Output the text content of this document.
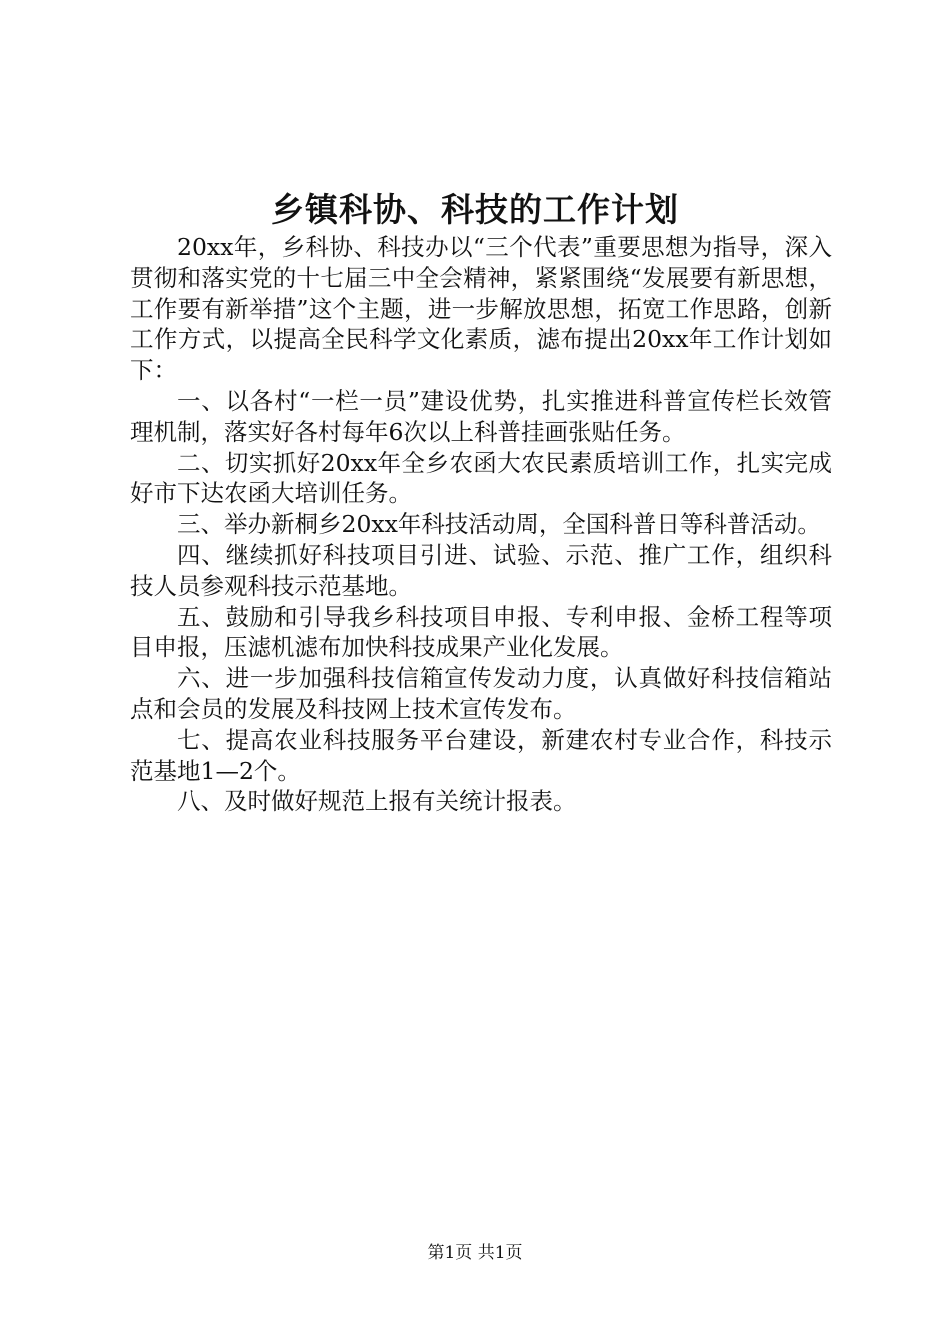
乡镇科协、科技的工作计划

20xx年，乡科协、科技办以“三个代表”重要思想为指导，深入贯彻和落实党的十七届三中全会精神，紧紧围绕“发展要有新思想，工作要有新举措”这个主题，进一步解放思想，拓宽工作思路，创新工作方式，以提高全民科学文化素质，滤布提出20xx年工作计划如下：

一、以各村“一栏一员”建设优势，扎实推进科普宣传栏长效管理机制，落实好各村每年6次以上科普挂画张贴任务。

二、切实抓好20xx年全乡农函大农民素质培训工作，扎实完成好市下达农函大培训任务。

三、举办新桐乡20xx年科技活动周，全国科普日等科普活动。

四、继续抓好科技项目引进、试验、示范、推广工作，组织科技人员参观科技示范基地。

五、鼓励和引导我乡科技项目申报、专利申报、金桥工程等项目申报，压滤机滤布加快科技成果产业化发展。

六、进一步加强科技信箱宣传发动力度，认真做好科技信箱站点和会员的发展及科技网上技术宣传发布。

七、提高农业科技服务平台建设，新建农村专业合作，科技示范基地1—2个。

八、及时做好规范上报有关统计报表。

第1页 共1页
